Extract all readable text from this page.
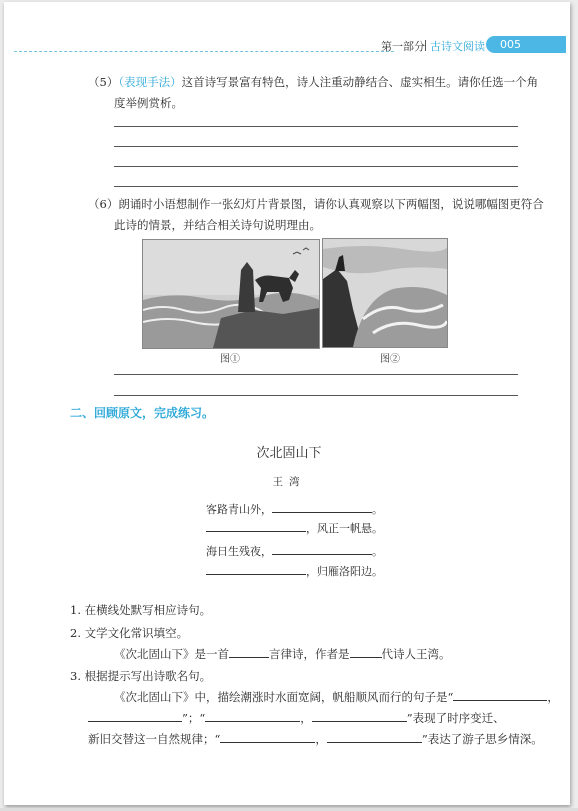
第一部分 古诗文阅读 005
（5）（表现手法）这首诗写景富有特色，诗人注重动静结合、虚实相生。请你任选一个角
度举例赏析。
（6）朗诵时小语想制作一张幻灯片背景图，请你认真观察以下两幅图，说说哪幅图更符合
此诗的情景，并结合相关诗句说明理由。
图①	图②
二、回顾原文，完成练习。
次北固山下
王湾
客路青山外，	。
，风正一帆悬。
海日生残夜，	。
，归雁洛阳边。
1. 在横线处默写相应诗句。
2. 文学文化常识填空。
《次北固山下》是一首	言律诗，作者是	代诗人王湾。
3. 根据提示写出诗歌名句。
《次北固山下》中，描绘潮涨时水面宽阔，帆船顺风而行的句子是“	，
”；“	，	”表现了时序变迁、
新旧交替这一自然规律；“	，	”表达了游子思乡情深。
